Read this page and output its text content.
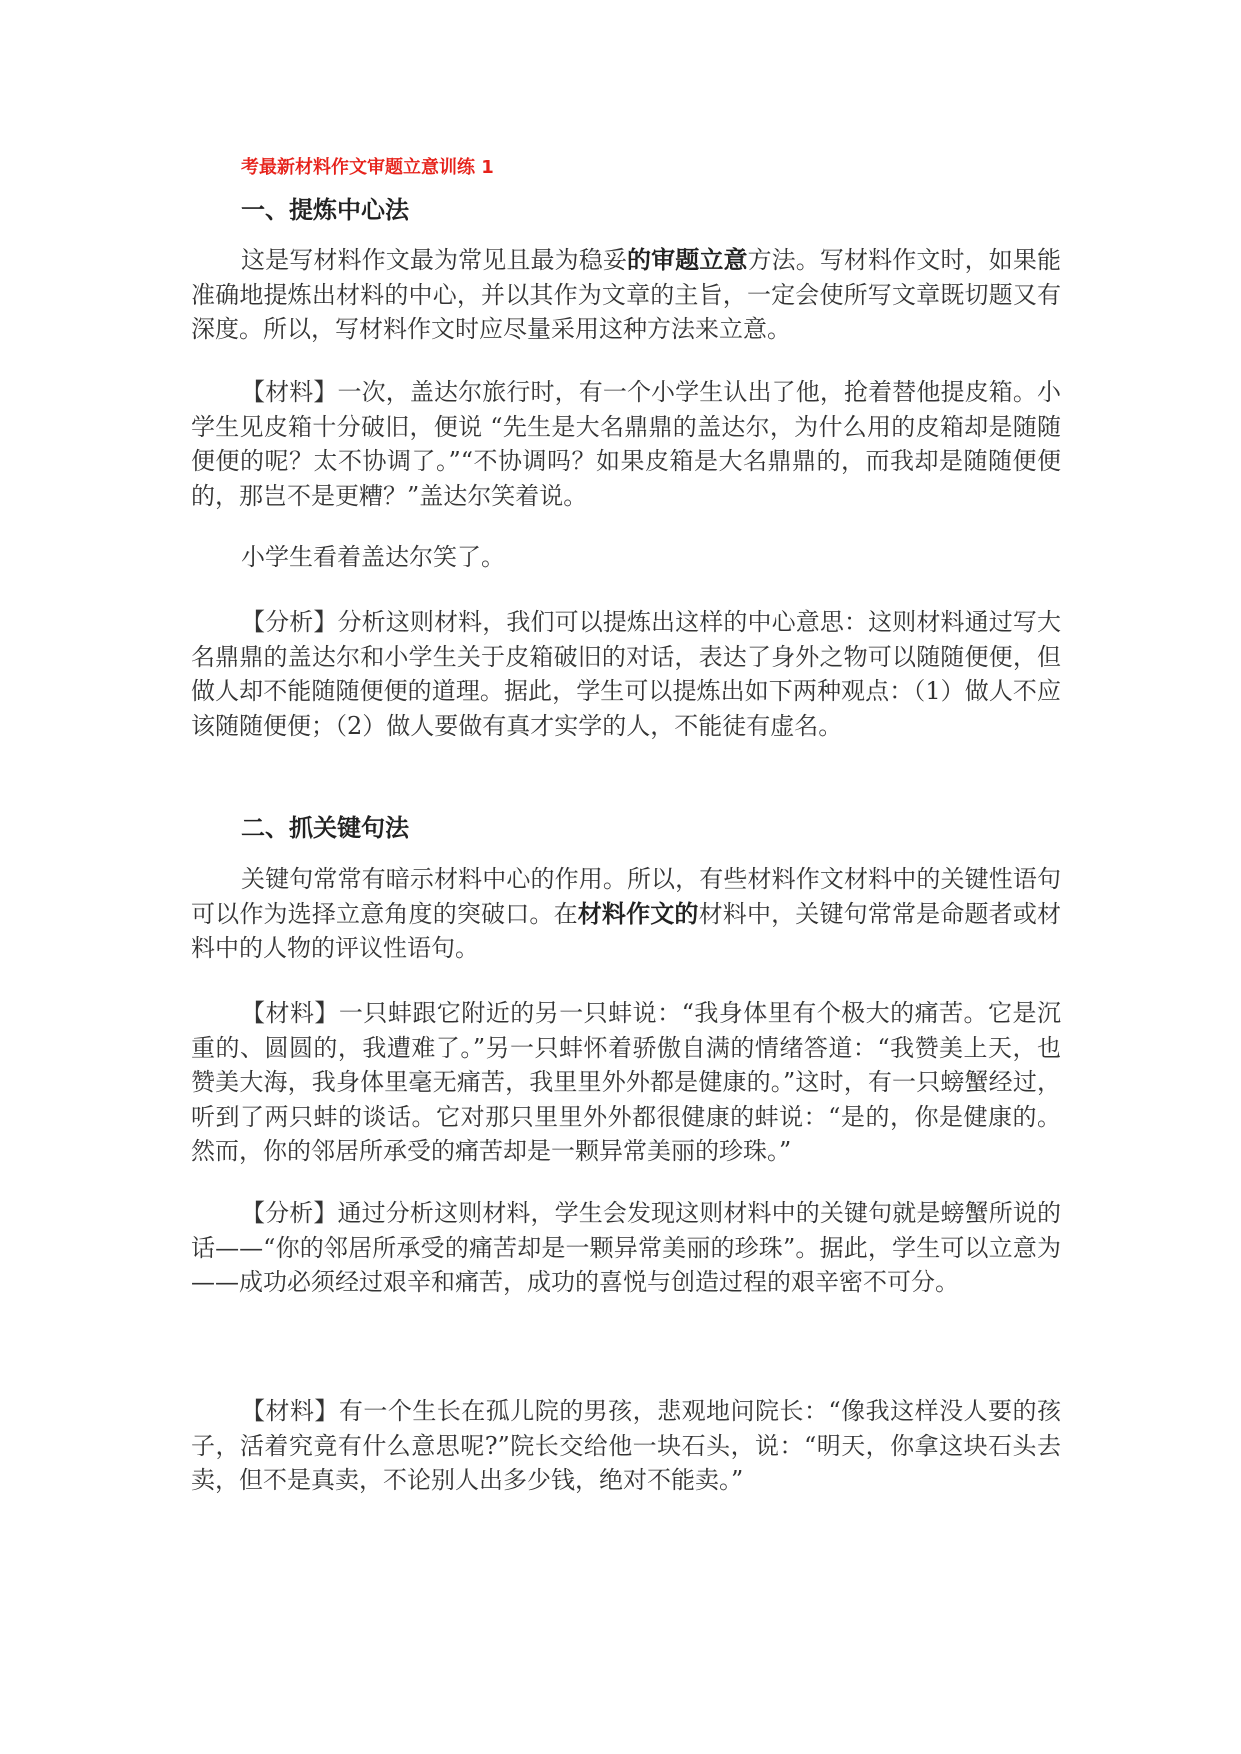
考最新材料作文审题立意训练 1
一、提炼中心法

这是写材料作文最为常见且最为稳妥的审题立意方法。写材料作文时，如果能准确地提炼出材料的中心，并以其作为文章的主旨，一定会使所写文章既切题又有深度。所以，写材料作文时应尽量采用这种方法来立意。

【材料】一次，盖达尔旅行时，有一个小学生认出了他，抢着替他提皮箱。小学生见皮箱十分破旧，便说 “先生是大名鼎鼎的盖达尔，为什么用的皮箱却是随随便便的呢？太不协调了。”“不协调吗？如果皮箱是大名鼎鼎的，而我却是随随便便的，那岂不是更糟？”盖达尔笑着说。

小学生看着盖达尔笑了。

【分析】分析这则材料，我们可以提炼出这样的中心意思：这则材料通过写大名鼎鼎的盖达尔和小学生关于皮箱破旧的对话，表达了身外之物可以随随便便，但做人却不能随随便便的道理。据此，学生可以提炼出如下两种观点：（1）做人不应该随随便便；（2）做人要做有真才实学的人，不能徒有虚名。

二、抓关键句法

关键句常常有暗示材料中心的作用。所以，有些材料作文材料中的关键性语句可以作为选择立意角度的突破口。在材料作文的材料中，关键句常常是命题者或材料中的人物的评议性语句。

【材料】一只蚌跟它附近的另一只蚌说：“我身体里有个极大的痛苦。它是沉重的、圆圆的，我遭难了。”另一只蚌怀着骄傲自满的情绪答道：“我赞美上天，也赞美大海，我身体里毫无痛苦，我里里外外都是健康的。”这时，有一只螃蟹经过，听到了两只蚌的谈话。它对那只里里外外都很健康的蚌说：“是的，你是健康的。然而，你的邻居所承受的痛苦却是一颗异常美丽的珍珠。”

【分析】通过分析这则材料，学生会发现这则材料中的关键句就是螃蟹所说的话——“你的邻居所承受的痛苦却是一颗异常美丽的珍珠”。据此，学生可以立意为——成功必须经过艰辛和痛苦，成功的喜悦与创造过程的艰辛密不可分。

【材料】有一个生长在孤儿院的男孩，悲观地问院长：“像我这样没人要的孩子，活着究竟有什么意思呢?”院长交给他一块石头，说：“明天，你拿这块石头去卖，但不是真卖，不论别人出多少钱，绝对不能卖。”
